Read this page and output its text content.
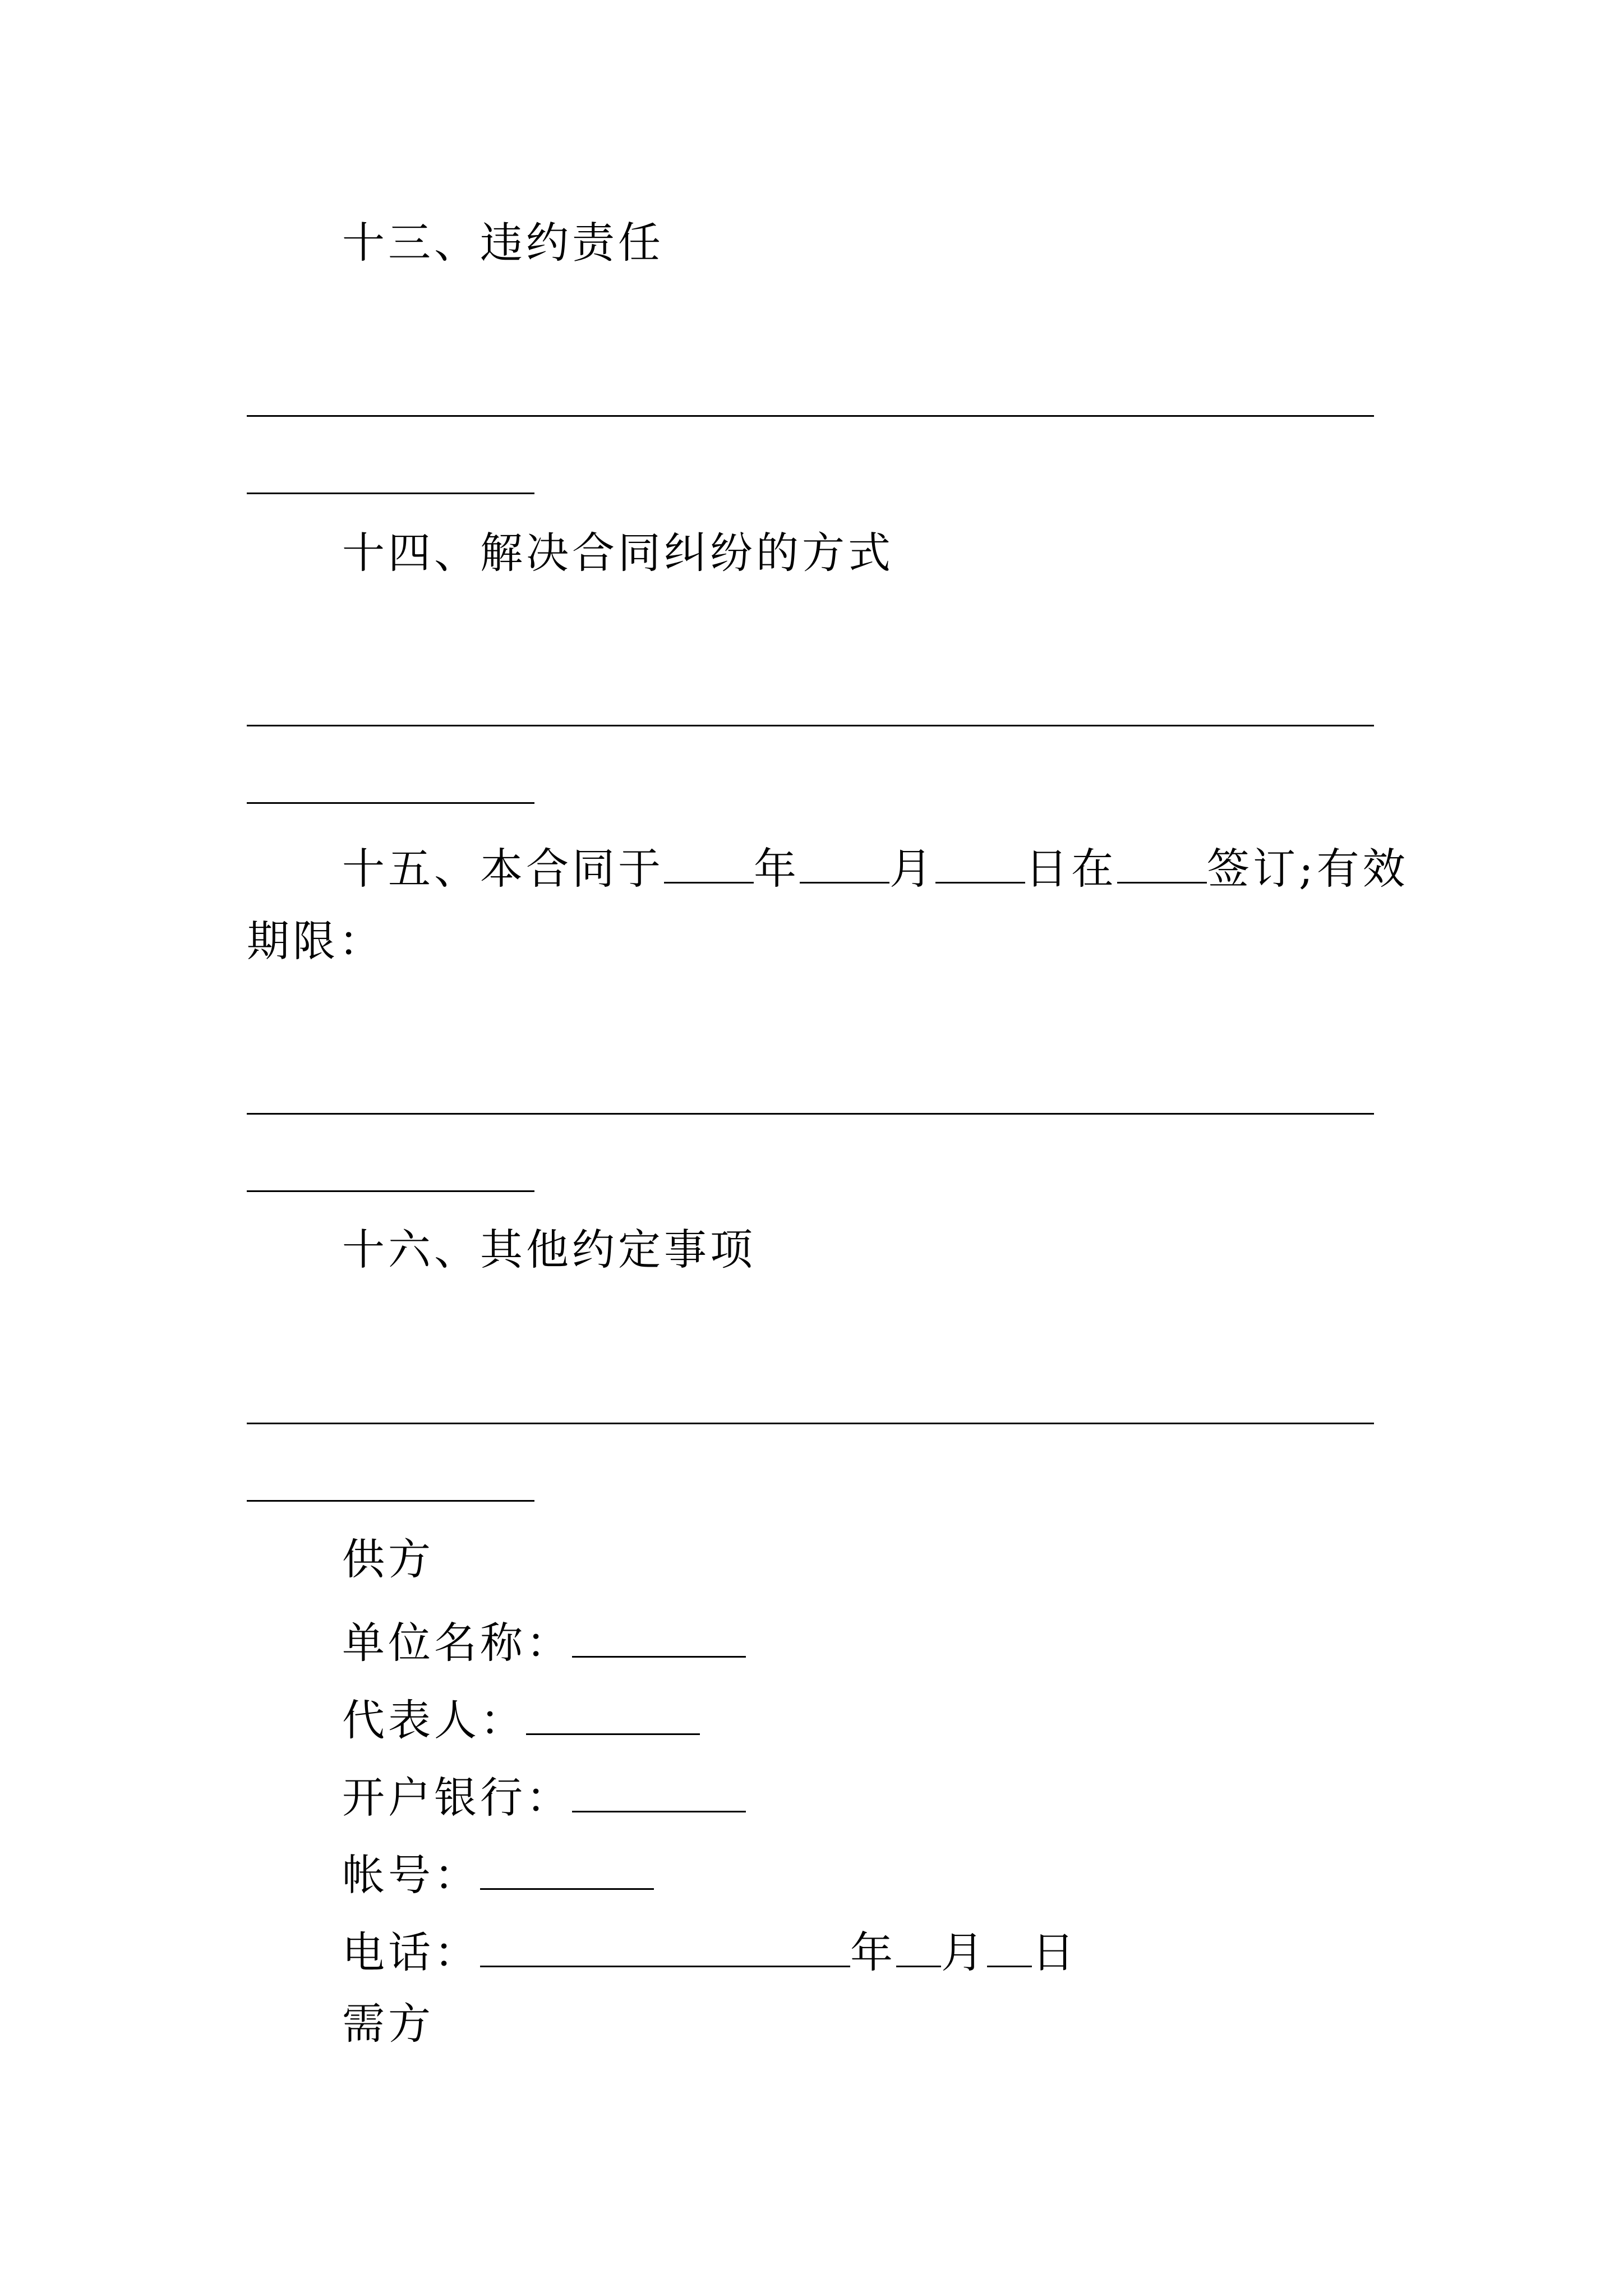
十三、违约责任
十四、解决合同纠纷的方式
十五、本合同于 年 月 日在 签订;有效
期限：
十六、其他约定事项
供方
单位名称：
代表人：
开户银行：
帐号：
电话：	年 月 日
需方
